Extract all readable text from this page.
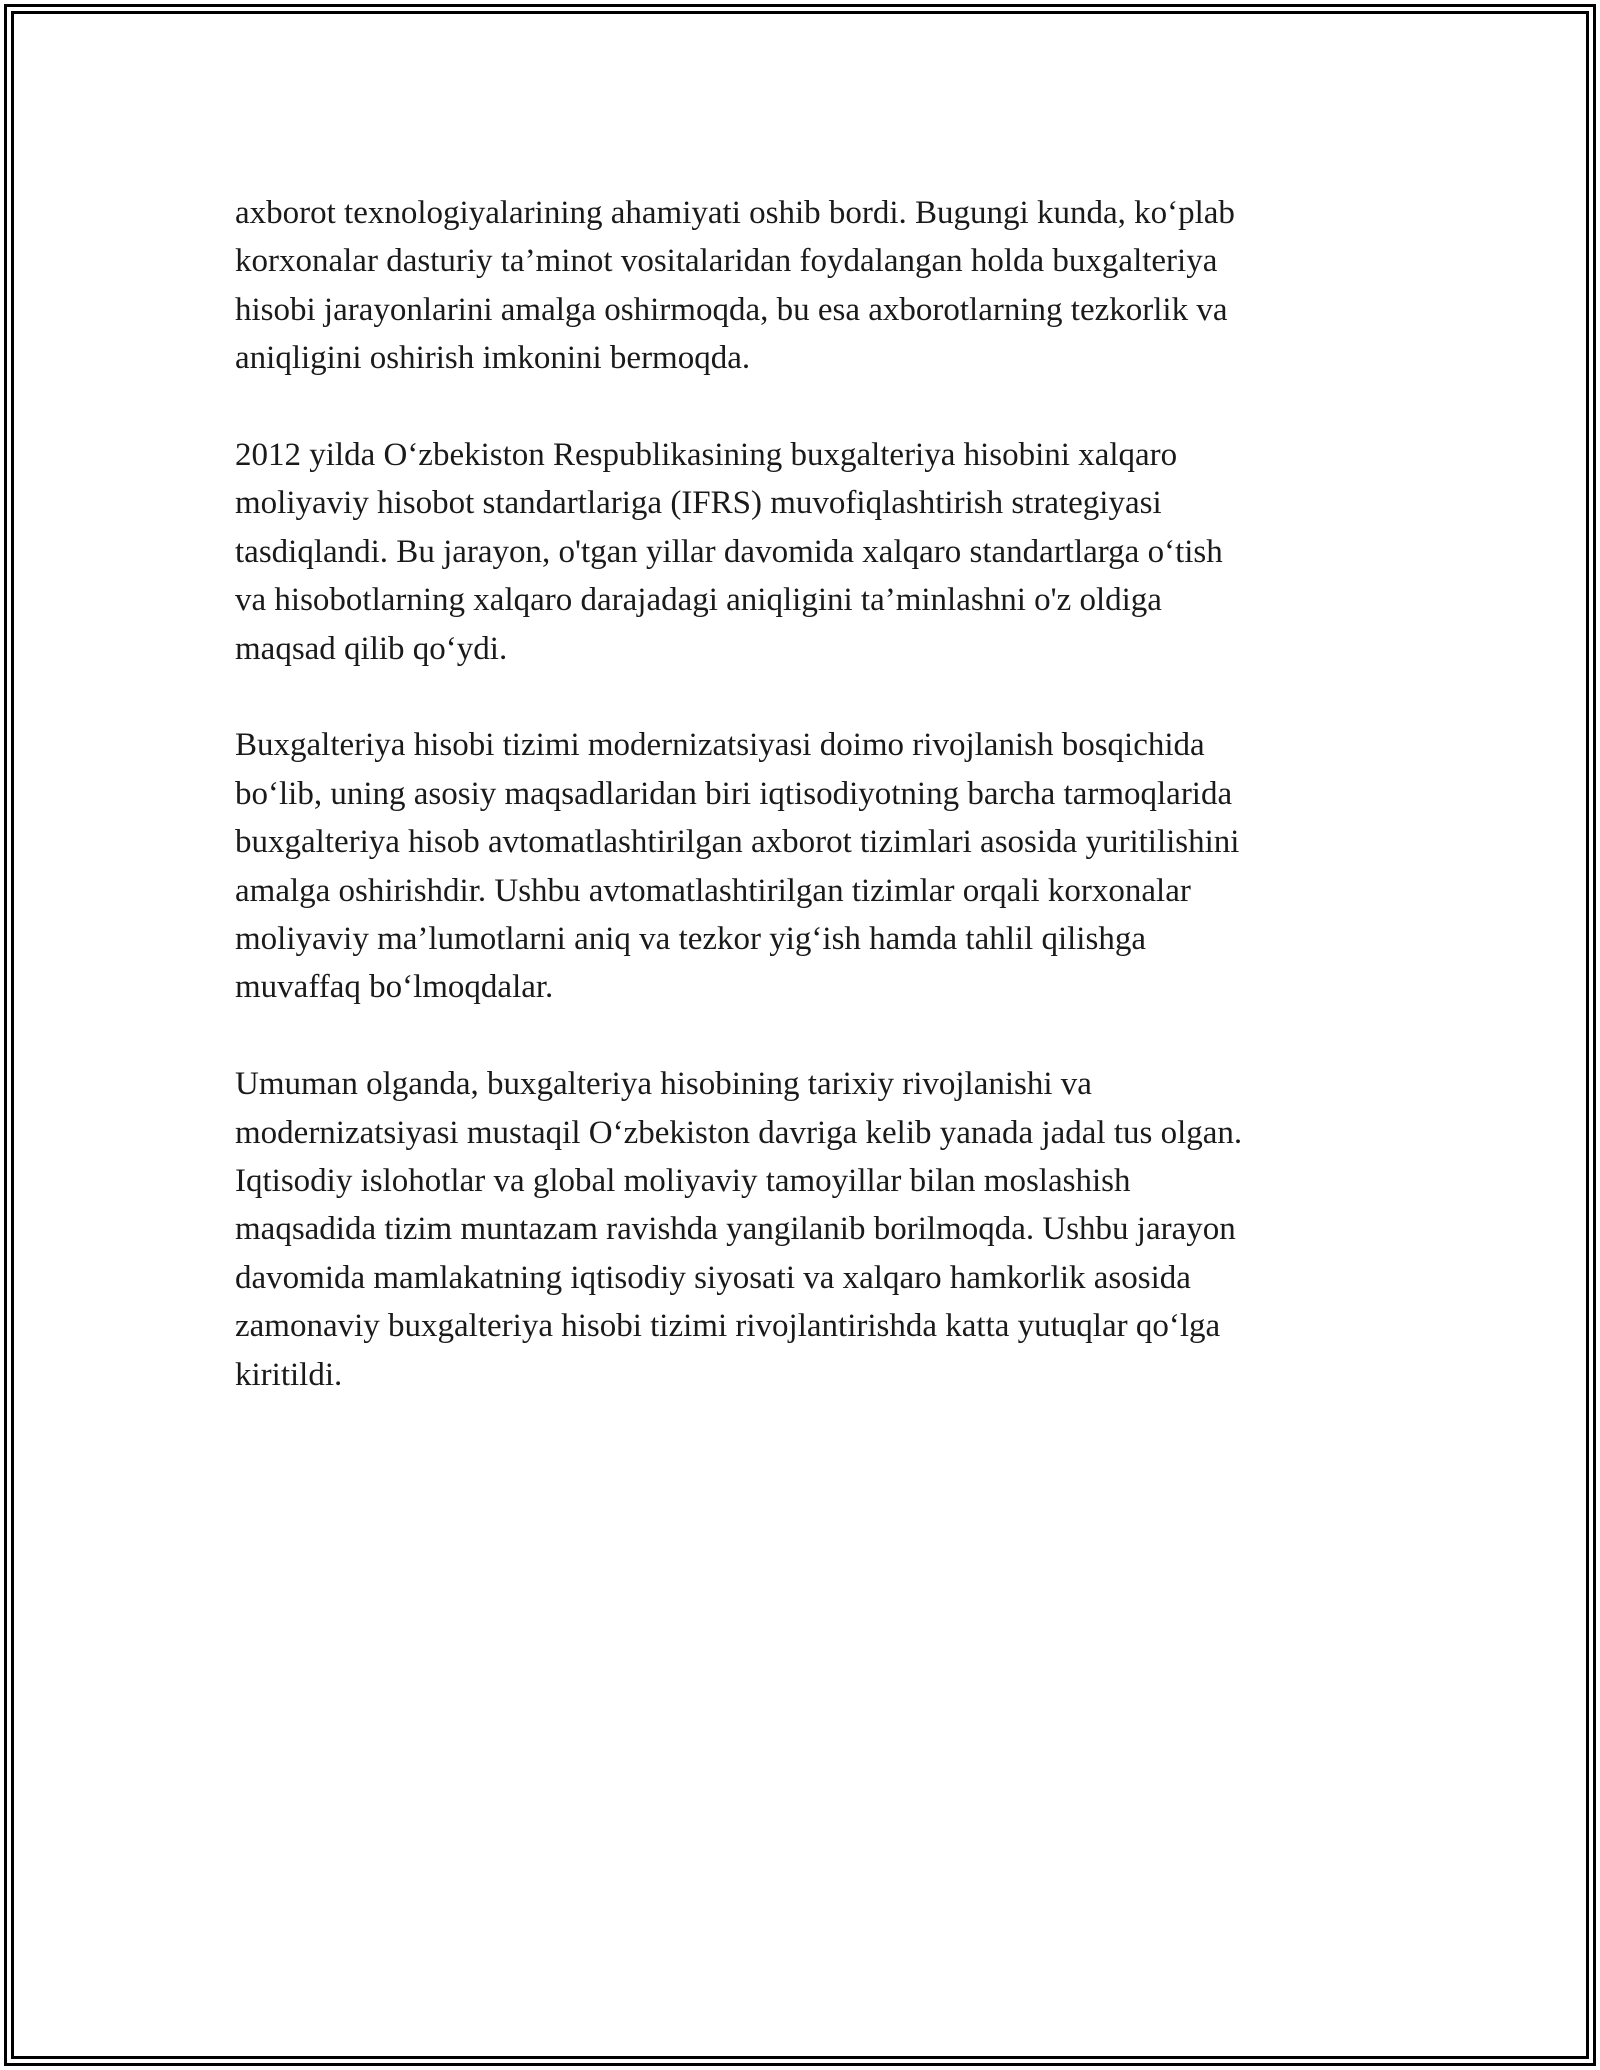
axborot texnologiyalarining ahamiyati oshib bordi. Bugungi kunda, ko‘plab
korxonalar dasturiy ta’minot vositalaridan foydalangan holda buxgalteriya
hisobi jarayonlarini amalga oshirmoqda, bu esa axborotlarning tezkorlik va
aniqligini oshirish imkonini bermoqda.

2012 yilda O‘zbekiston Respublikasining buxgalteriya hisobini xalqaro
moliyaviy hisobot standartlariga (IFRS) muvofiqlashtirish strategiyasi
tasdiqlandi. Bu jarayon, o'tgan yillar davomida xalqaro standartlarga o‘tish
va hisobotlarning xalqaro darajadagi aniqligini ta’minlashni o'z oldiga
maqsad qilib qo‘ydi.

Buxgalteriya hisobi tizimi modernizatsiyasi doimo rivojlanish bosqichida
bo‘lib, uning asosiy maqsadlaridan biri iqtisodiyotning barcha tarmoqlarida
buxgalteriya hisob avtomatlashtirilgan axborot tizimlari asosida yuritilishini
amalga oshirishdir. Ushbu avtomatlashtirilgan tizimlar orqali korxonalar
moliyaviy ma’lumotlarni aniq va tezkor yig‘ish hamda tahlil qilishga
muvaffaq bo‘lmoqdalar.

Umuman olganda, buxgalteriya hisobining tarixiy rivojlanishi va
modernizatsiyasi mustaqil O‘zbekiston davriga kelib yanada jadal tus olgan.
Iqtisodiy islohotlar va global moliyaviy tamoyillar bilan moslashish
maqsadida tizim muntazam ravishda yangilanib borilmoqda. Ushbu jarayon
davomida mamlakatning iqtisodiy siyosati va xalqaro hamkorlik asosida
zamonaviy buxgalteriya hisobi tizimi rivojlantirishda katta yutuqlar qo‘lga
kiritildi.
